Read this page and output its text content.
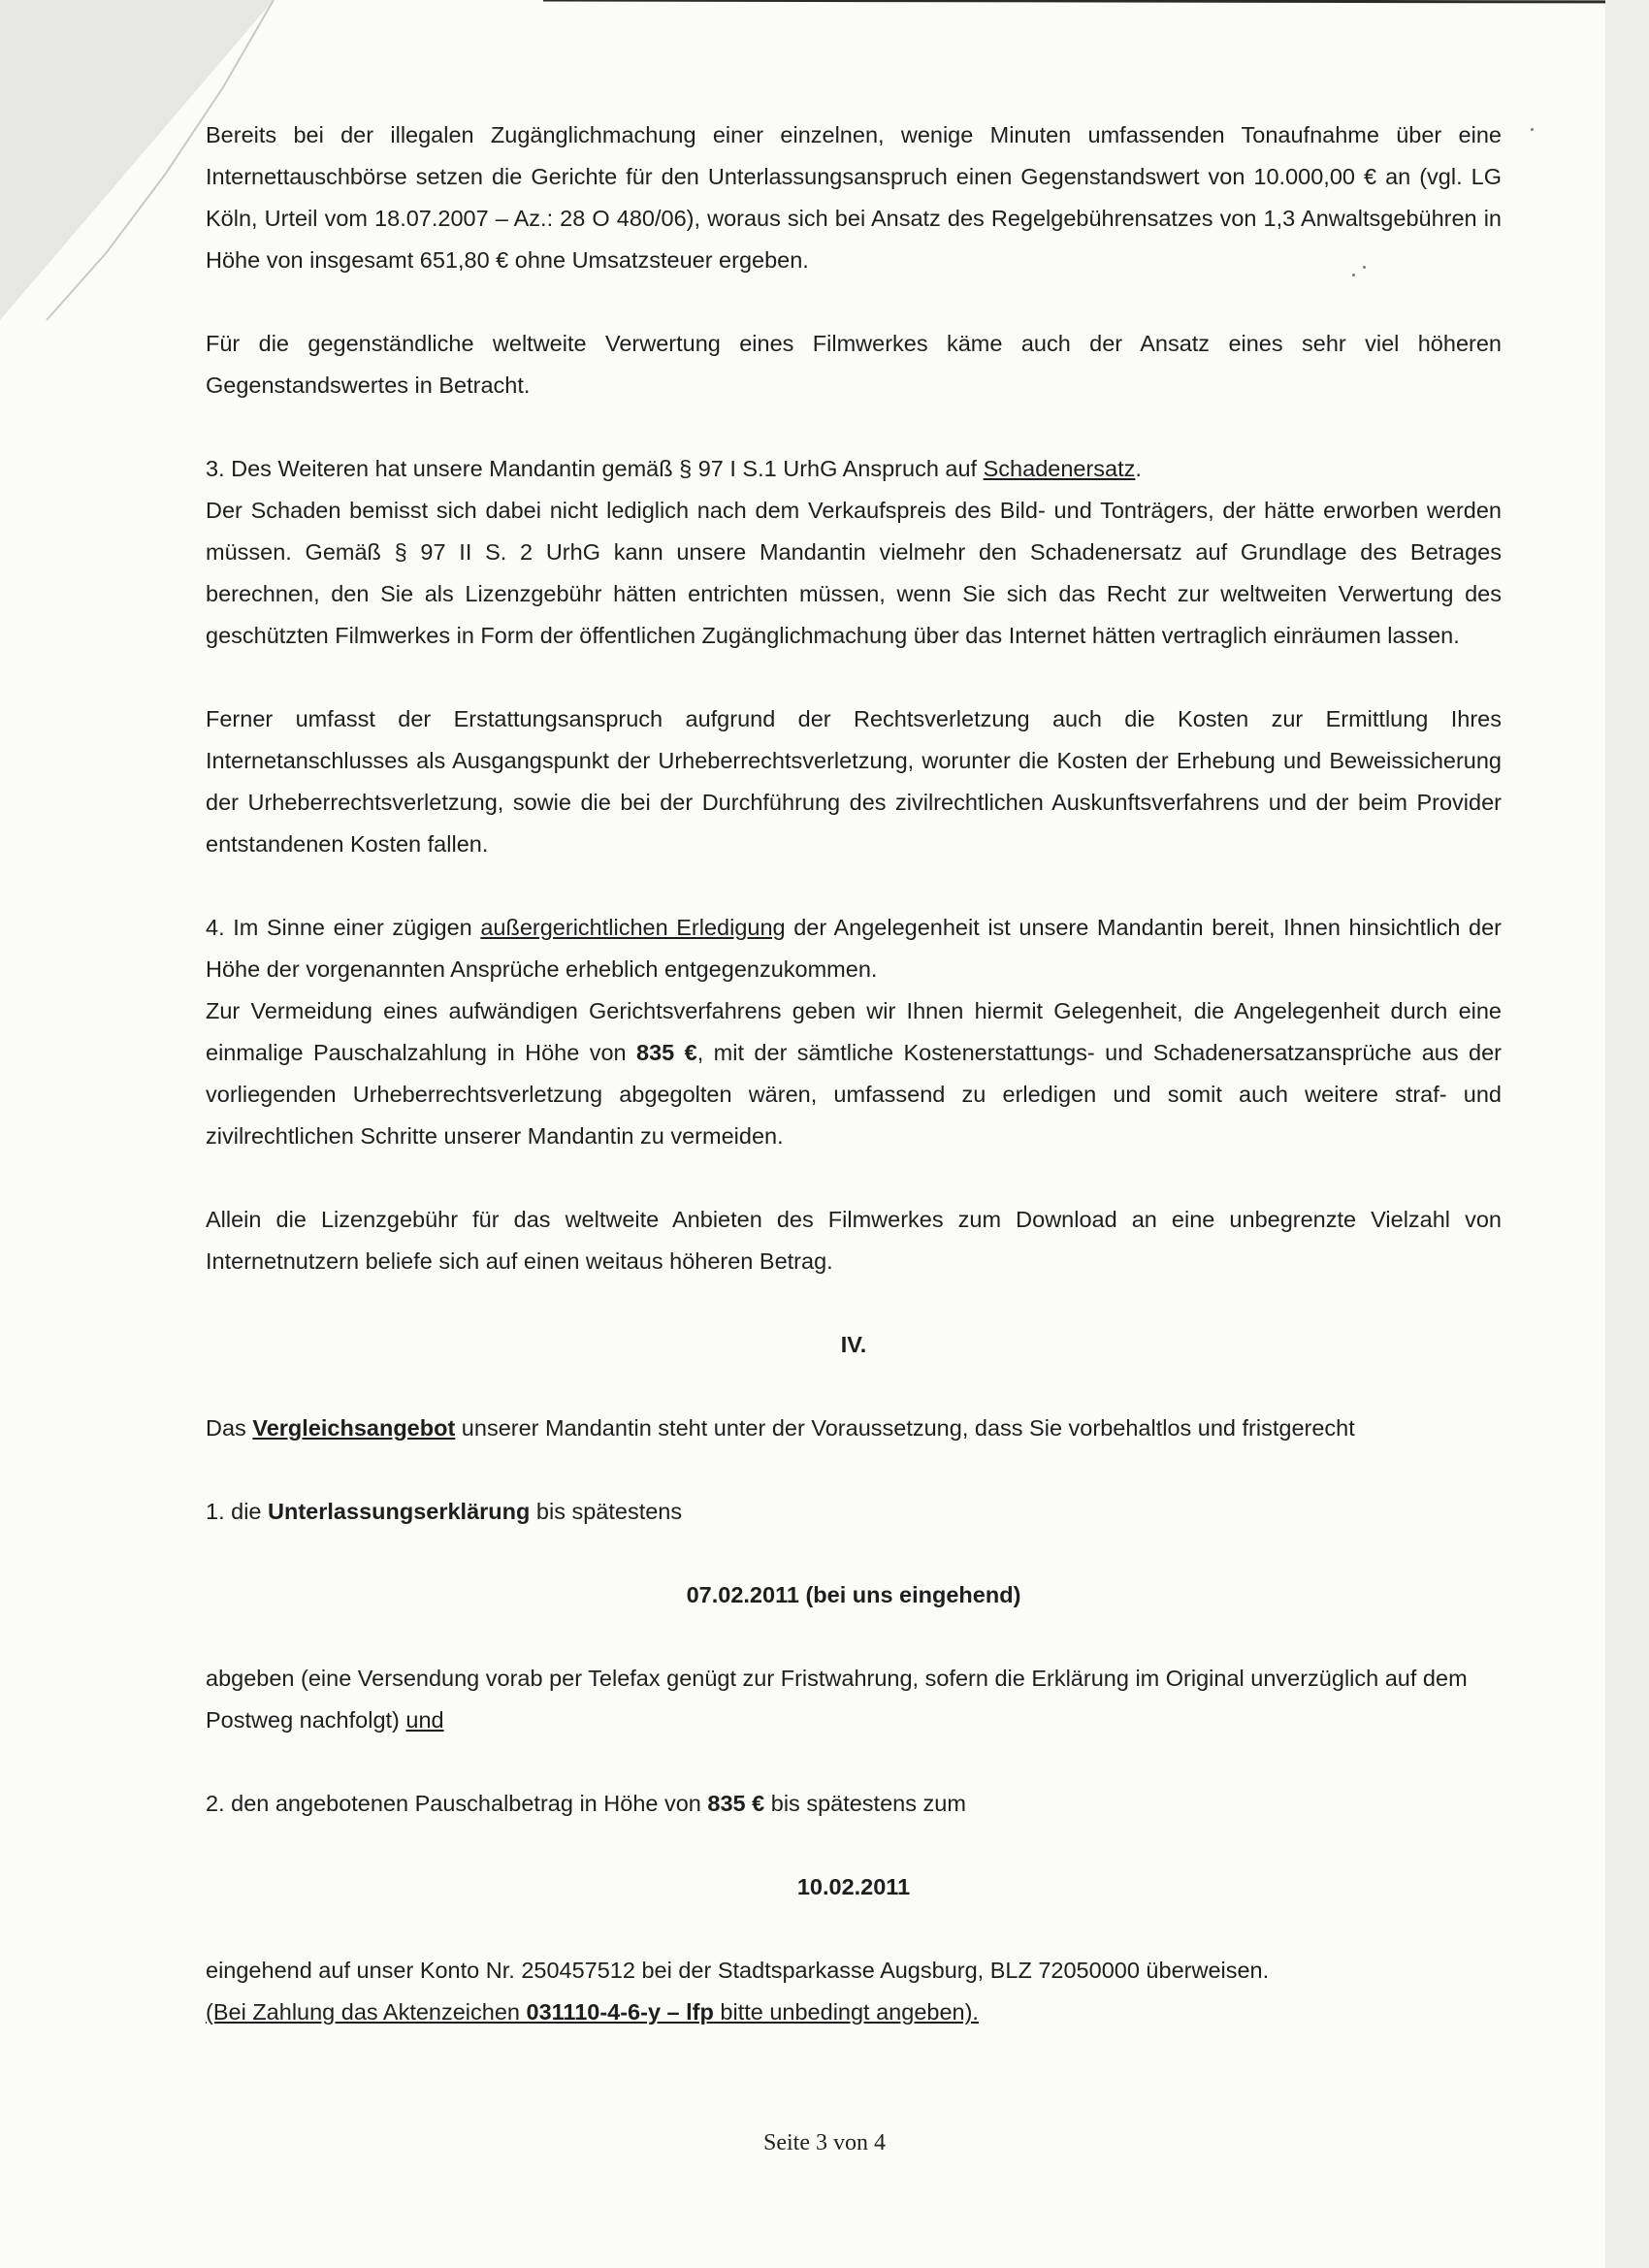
Bereits bei der illegalen Zugänglichmachung einer einzelnen, wenige Minuten umfassenden Tonaufnahme über eine Internettauschbörse setzen die Gerichte für den Unterlassungsanspruch einen Gegenstandswert von 10.000,00 € an (vgl. LG Köln, Urteil vom 18.07.2007 – Az.: 28 O 480/06), woraus sich bei Ansatz des Regelgebührensatzes von 1,3 Anwaltsgebühren in Höhe von insgesamt 651,80 € ohne Umsatzsteuer ergeben.

Für die gegenständliche weltweite Verwertung eines Filmwerkes käme auch der Ansatz eines sehr viel höheren Gegenstandswertes in Betracht.

3. Des Weiteren hat unsere Mandantin gemäß § 97 I S.1 UrhG Anspruch auf Schadenersatz.

Der Schaden bemisst sich dabei nicht lediglich nach dem Verkaufspreis des Bild- und Tonträgers, der hätte erworben werden müssen. Gemäß § 97 II S. 2 UrhG kann unsere Mandantin vielmehr den Schadenersatz auf Grundlage des Betrages berechnen, den Sie als Lizenzgebühr hätten entrichten müssen, wenn Sie sich das Recht zur weltweiten Verwertung des geschützten Filmwerkes in Form der öffentlichen Zugänglichmachung über das Internet hätten vertraglich einräumen lassen.

Ferner umfasst der Erstattungsanspruch aufgrund der Rechtsverletzung auch die Kosten zur Ermittlung Ihres Internetanschlusses als Ausgangspunkt der Urheberrechtsverletzung, worunter die Kosten der Erhebung und Beweissicherung der Urheberrechtsverletzung, sowie die bei der Durchführung des zivilrechtlichen Auskunftsverfahrens und der beim Provider entstandenen Kosten fallen.

4. Im Sinne einer zügigen außergerichtlichen Erledigung der Angelegenheit ist unsere Mandantin bereit, Ihnen hinsichtlich der Höhe der vorgenannten Ansprüche erheblich entgegenzukommen.

Zur Vermeidung eines aufwändigen Gerichtsverfahrens geben wir Ihnen hiermit Gelegenheit, die Angelegenheit durch eine einmalige Pauschalzahlung in Höhe von 835 €, mit der sämtliche Kostenerstattungs- und Schadenersatzansprüche aus der vorliegenden Urheberrechtsverletzung abgegolten wären, umfassend zu erledigen und somit auch weitere straf- und zivilrechtlichen Schritte unserer Mandantin zu vermeiden.

Allein die Lizenzgebühr für das weltweite Anbieten des Filmwerkes zum Download an eine unbegrenzte Vielzahl von Internetnutzern beliefe sich auf einen weitaus höheren Betrag.

IV.

Das Vergleichsangebot unserer Mandantin steht unter der Voraussetzung, dass Sie vorbehaltlos und fristgerecht

1. die Unterlassungserklärung bis spätestens

07.02.2011 (bei uns eingehend)

abgeben (eine Versendung vorab per Telefax genügt zur Fristwahrung, sofern die Erklärung im Original unverzüglich auf dem Postweg nachfolgt) und

2. den angebotenen Pauschalbetrag in Höhe von 835 € bis spätestens zum

10.02.2011

eingehend auf unser Konto Nr. 250457512 bei der Stadtsparkasse Augsburg, BLZ 72050000 überweisen.

(Bei Zahlung das Aktenzeichen 031110-4-6-y – lfp bitte unbedingt angeben).

Seite 3 von 4
